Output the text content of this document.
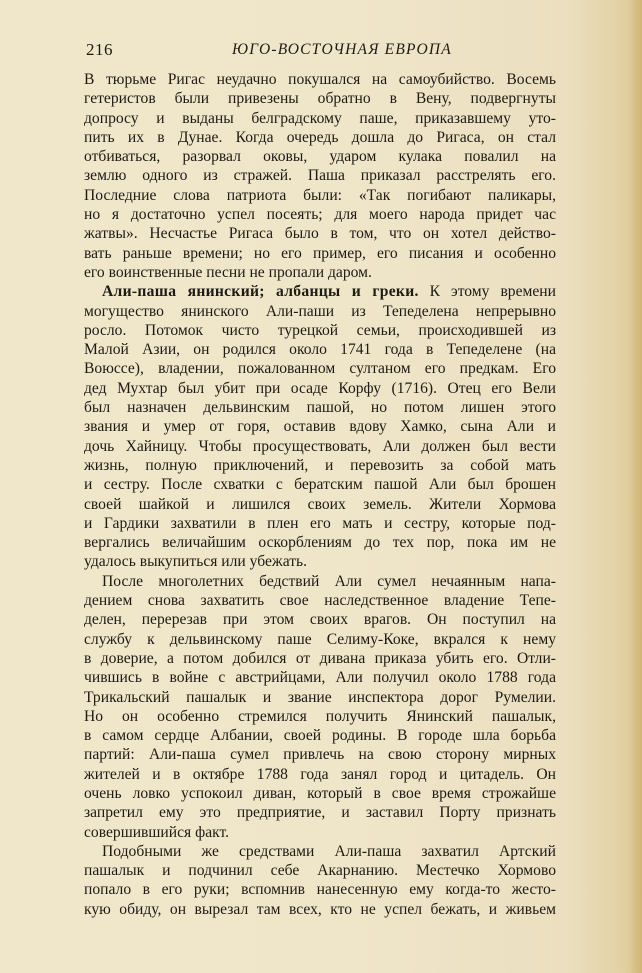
216	ЮГО-ВОСТОЧНАЯ ЕВРОПА
В тюрьме Ригас неудачно покушался на самоубийство. Восемь
гетеристов были привезены обратно в Вену, подвергнуты
допросу и выданы белградскому паше, приказавшему уто-
пить их в Дунае. Когда очередь дошла до Ригаса, он стал
отбиваться, разорвал оковы, ударом кулака повалил на
землю одного из стражей. Паша приказал расстрелять его.
Последние слова патриота были: «Так погибают паликары,
но я достаточно успел посеять; для моего народа придет час
жатвы». Несчастье Ригаса было в том, что он хотел действо-
вать раньше времени; но его пример, его писания и особенно
его воинственные песни не пропали даром.
Али-паша янинский; албанцы и греки. К этому времени
могущество янинского Али-паши из Тепеделена непрерывно
росло. Потомок чисто турецкой семьи, происходившей из
Малой Азии, он родился около 1741 года в Тепеделене (на
Воюссе), владении, пожалованном султаном его предкам. Его
дед Мухтар был убит при осаде Корфу (1716). Отец его Вели
был назначен дельвинским пашой, но потом лишен этого
звания и умер от горя, оставив вдову Хамко, сына Али и
дочь Хайницу. Чтобы просуществовать, Али должен был вести
жизнь, полную приключений, и перевозить за собой мать
и сестру. После схватки с бератским пашой Али был брошен
своей шайкой и лишился своих земель. Жители Хормова
и Гардики захватили в плен его мать и сестру, которые под-
вергались величайшим оскорблениям до тех пор, пока им не
удалось выкупиться или убежать.
После многолетних бедствий Али сумел нечаянным напа-
дением снова захватить свое наследственное владение Тепе-
делен, перерезав при этом своих врагов. Он поступил на
службу к дельвинскому паше Селиму-Коке, вкрался к нему
в доверие, а потом добился от дивана приказа убить его. Отли-
чившись в войне с австрийцами, Али получил около 1788 года
Трикальский пашалык и звание инспектора дорог Румелии.
Но он особенно стремился получить Янинский пашалык,
в самом сердце Албании, своей родины. В городе шла борьба
партий: Али-паша сумел привлечь на свою сторону мирных
жителей и в октябре 1788 года занял город и цитадель. Он
очень ловко успокоил диван, который в свое время строжайше
запретил ему это предприятие, и заставил Порту признать
совершившийся факт.
Подобными же средствами Али-паша захватил Артский
пашалык и подчинил себе Акарнанию. Местечко Хормово
попало в его руки; вспомнив нанесенную ему когда-то жесто-
кую обиду, он вырезал там всех, кто не успел бежать, и живьем
